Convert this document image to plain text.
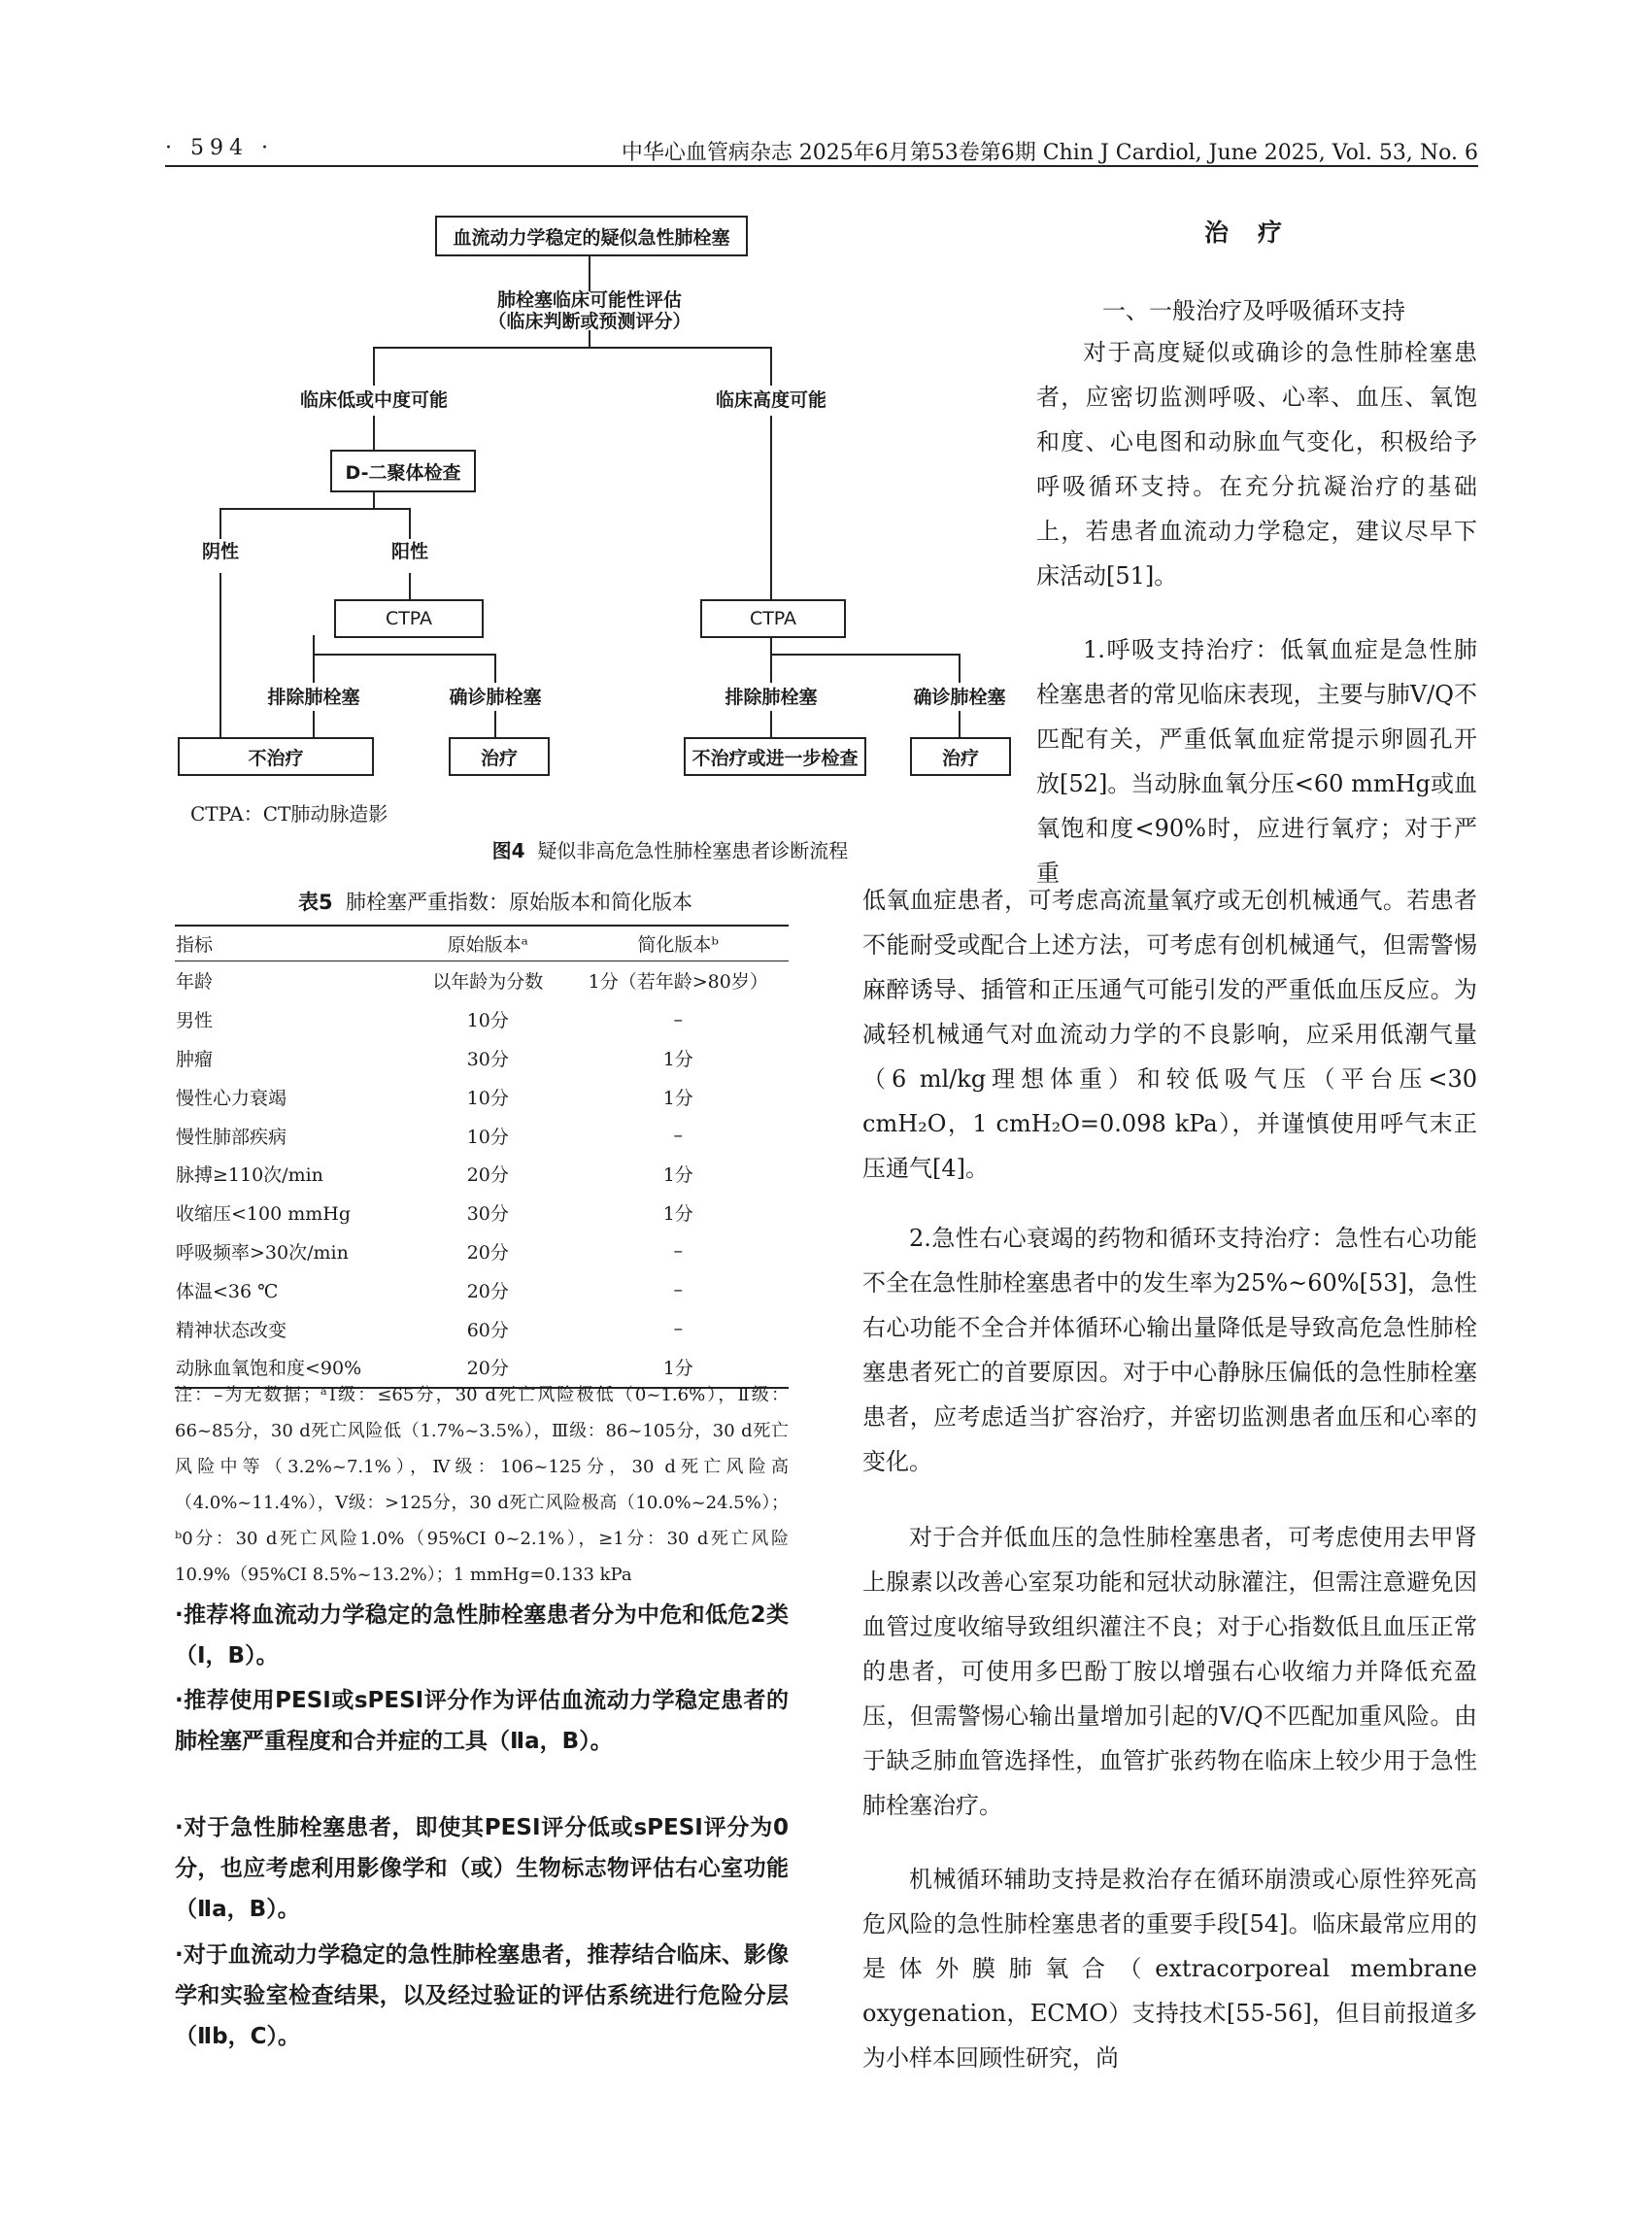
· 594 ·	中华心血管病杂志 2025年6月第53卷第6期 Chin J Cardiol, June 2025, Vol. 53, No. 6
血流动力学稳定的疑似急性肺栓塞
肺栓塞临床可能性评估
（临床判断或预测评分）
临床低或中度可能	临床高度可能
D-二聚体检查
阴性	阳性
CTPA	CTPA
排除肺栓塞	确诊肺栓塞	排除肺栓塞	确诊肺栓塞
不治疗	治疗	不治疗或进一步检查	治疗
CTPA：CT肺动脉造影
图4 疑似非高危急性肺栓塞患者诊断流程
表5 肺栓塞严重指数：原始版本和简化版本
指标	原始版本ᵃ	简化版本ᵇ
年龄	以年龄为分数	1分（若年龄>80岁）
男性	10分	–
肿瘤	30分	1分
慢性心力衰竭	10分	1分
慢性肺部疾病	10分	–
脉搏≥110次/min	20分	1分
收缩压<100 mmHg	30分	1分
呼吸频率>30次/min	20分	–
体温<36 ℃	20分	–
精神状态改变	60分	–
动脉血氧饱和度<90%	20分	1分
注：–为无数据；ᵃⅠ级：≤65分，30 d死亡风险极低（0~1.6%），Ⅱ级：66~85分，30 d死亡风险低（1.7%~3.5%），Ⅲ级：86~105分，30 d死亡风险中等（3.2%~7.1%），Ⅳ级：106~125分，30 d死亡风险高（4.0%~11.4%），Ⅴ级：>125分，30 d死亡风险极高（10.0%~24.5%）；ᵇ0分：30 d死亡风险1.0%（95%CI 0~2.1%），≥1分：30 d死亡风险10.9%（95%CI 8.5%~13.2%）；1 mmHg=0.133 kPa
·推荐将血流动力学稳定的急性肺栓塞患者分为中危和低危2类（Ⅰ，B）。
·推荐使用PESI或sPESI评分作为评估血流动力学稳定患者的肺栓塞严重程度和合并症的工具（Ⅱa，B）。
·对于急性肺栓塞患者，即使其PESI评分低或sPESI评分为0分，也应考虑利用影像学和（或）生物标志物评估右心室功能（Ⅱa，B）。
·对于血流动力学稳定的急性肺栓塞患者，推荐结合临床、影像学和实验室检查结果，以及经过验证的评估系统进行危险分层（Ⅱb，C）。
治疗
一、一般治疗及呼吸循环支持
对于高度疑似或确诊的急性肺栓塞患者，应密切监测呼吸、心率、血压、氧饱和度、心电图和动脉血气变化，积极给予呼吸循环支持。在充分抗凝治疗的基础上，若患者血流动力学稳定，建议尽早下床活动[51]。
1.呼吸支持治疗：低氧血症是急性肺栓塞患者的常见临床表现，主要与肺V/Q不匹配有关，严重低氧血症常提示卵圆孔开放[52]。当动脉血氧分压<60 mmHg或血氧饱和度<90%时，应进行氧疗；对于严重
低氧血症患者，可考虑高流量氧疗或无创机械通气。若患者不能耐受或配合上述方法，可考虑有创机械通气，但需警惕麻醉诱导、插管和正压通气可能引发的严重低血压反应。为减轻机械通气对血流动力学的不良影响，应采用低潮气量（6 ml/kg理想体重）和较低吸气压（平台压<30 cmH₂O，1 cmH₂O=0.098 kPa），并谨慎使用呼气末正压通气[4]。
2.急性右心衰竭的药物和循环支持治疗：急性右心功能不全在急性肺栓塞患者中的发生率为25%~60%[53]，急性右心功能不全合并体循环心输出量降低是导致高危急性肺栓塞患者死亡的首要原因。对于中心静脉压偏低的急性肺栓塞患者，应考虑适当扩容治疗，并密切监测患者血压和心率的变化。
对于合并低血压的急性肺栓塞患者，可考虑使用去甲肾上腺素以改善心室泵功能和冠状动脉灌注，但需注意避免因血管过度收缩导致组织灌注不良；对于心指数低且血压正常的患者，可使用多巴酚丁胺以增强右心收缩力并降低充盈压，但需警惕心输出量增加引起的V/Q不匹配加重风险。由于缺乏肺血管选择性，血管扩张药物在临床上较少用于急性肺栓塞治疗。
机械循环辅助支持是救治存在循环崩溃或心原性猝死高危风险的急性肺栓塞患者的重要手段[54]。临床最常应用的是体外膜肺氧合（extracorporeal membrane oxygenation，ECMO）支持技术[55-56]，但目前报道多为小样本回顾性研究，尚
